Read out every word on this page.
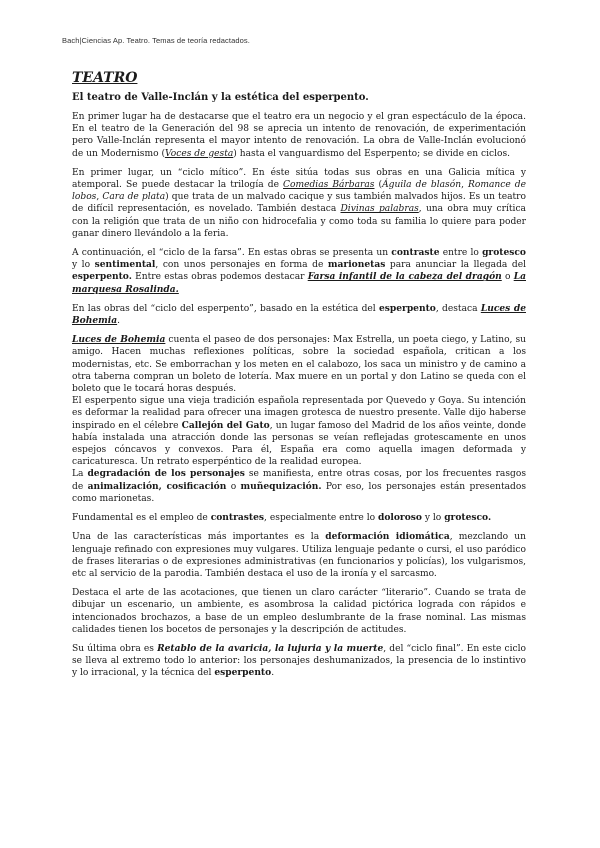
Bach|Ciencias Ap. Teatro. Temas de teoría redactados.
TEATRO
El teatro de Valle-Inclán y la estética del esperpento.

En primer lugar ha de destacarse que el teatro era un negocio y el gran espectáculo de la época. En el teatro de la Generación del 98 se aprecia un intento de renovación, de experimentación pero Valle-Inclán representa el mayor intento de renovación. La obra de Valle-Inclán evolucionó de un Modernismo (Voces de gesta) hasta el vanguardismo del Esperpento; se divide en ciclos.

En primer lugar, un “ciclo mítico”. En éste sitúa todas sus obras en una Galicia mítica y atemporal. Se puede destacar la trilogía de Comedias Bárbaras (Águila de blasón, Romance de lobos, Cara de plata) que trata de un malvado cacique y sus también malvados hijos. Es un teatro de difícil representación, es novelado. También destaca Divinas palabras, una obra muy crítica con la religión que trata de un niño con hidrocefalia y como toda su familia lo quiere para poder ganar dinero llevándolo a la feria.

A continuación, el “ciclo de la farsa”. En estas obras se presenta un contraste entre lo grotesco y lo sentimental, con unos personajes en forma de marionetas para anunciar la llegada del esperpento. Entre estas obras podemos destacar Farsa infantil de la cabeza del dragón o La marquesa Rosalinda.

En las obras del “ciclo del esperpento”, basado en la estética del esperpento, destaca Luces de Bohemia.

Luces de Bohemia cuenta el paseo de dos personajes: Max Estrella, un poeta ciego, y Latino, su amigo. Hacen muchas reflexiones políticas, sobre la sociedad española, critican a los modernistas, etc. Se emborrachan y los meten en el calabozo, los saca un ministro y de camino a otra taberna compran un boleto de lotería. Max muere en un portal y don Latino se queda con el boleto que le tocará horas después.

El esperpento sigue una vieja tradición española representada por Quevedo y Goya. Su intención es deformar la realidad para ofrecer una imagen grotesca de nuestro presente. Valle dijo haberse inspirado en el célebre Callejón del Gato, un lugar famoso del Madrid de los años veinte, donde había instalada una atracción donde las personas se veían reflejadas grotescamente en unos espejos cóncavos y convexos. Para él, España era como aquella imagen deformada y caricaturesca. Un retrato esperpéntico de la realidad europea.

La degradación de los personajes se manifiesta, entre otras cosas, por los frecuentes rasgos de animalización, cosificación o muñequización. Por eso, los personajes están presentados como marionetas.

Fundamental es el empleo de contrastes, especialmente entre lo doloroso y lo grotesco.

Una de las características más importantes es la deformación idiomática, mezclando un lenguaje refinado con expresiones muy vulgares. Utiliza lenguaje pedante o cursi, el uso paródico de frases literarias o de expresiones administrativas (en funcionarios y policías), los vulgarismos, etc al servicio de la parodia. También destaca el uso de la ironía y el sarcasmo.

Destaca el arte de las acotaciones, que tienen un claro carácter “literario”. Cuando se trata de dibujar un escenario, un ambiente, es asombrosa la calidad pictórica lograda con rápidos e intencionados brochazos, a base de un empleo deslumbrante de la frase nominal. Las mismas calidades tienen los bocetos de personajes y la descripción de actitudes.

Su última obra es Retablo de la avaricia, la lujuria y la muerte, del “ciclo final”. En este ciclo se lleva al extremo todo lo anterior: los personajes deshumanizados, la presencia de lo instintivo y lo irracional, y la técnica del esperpento.
